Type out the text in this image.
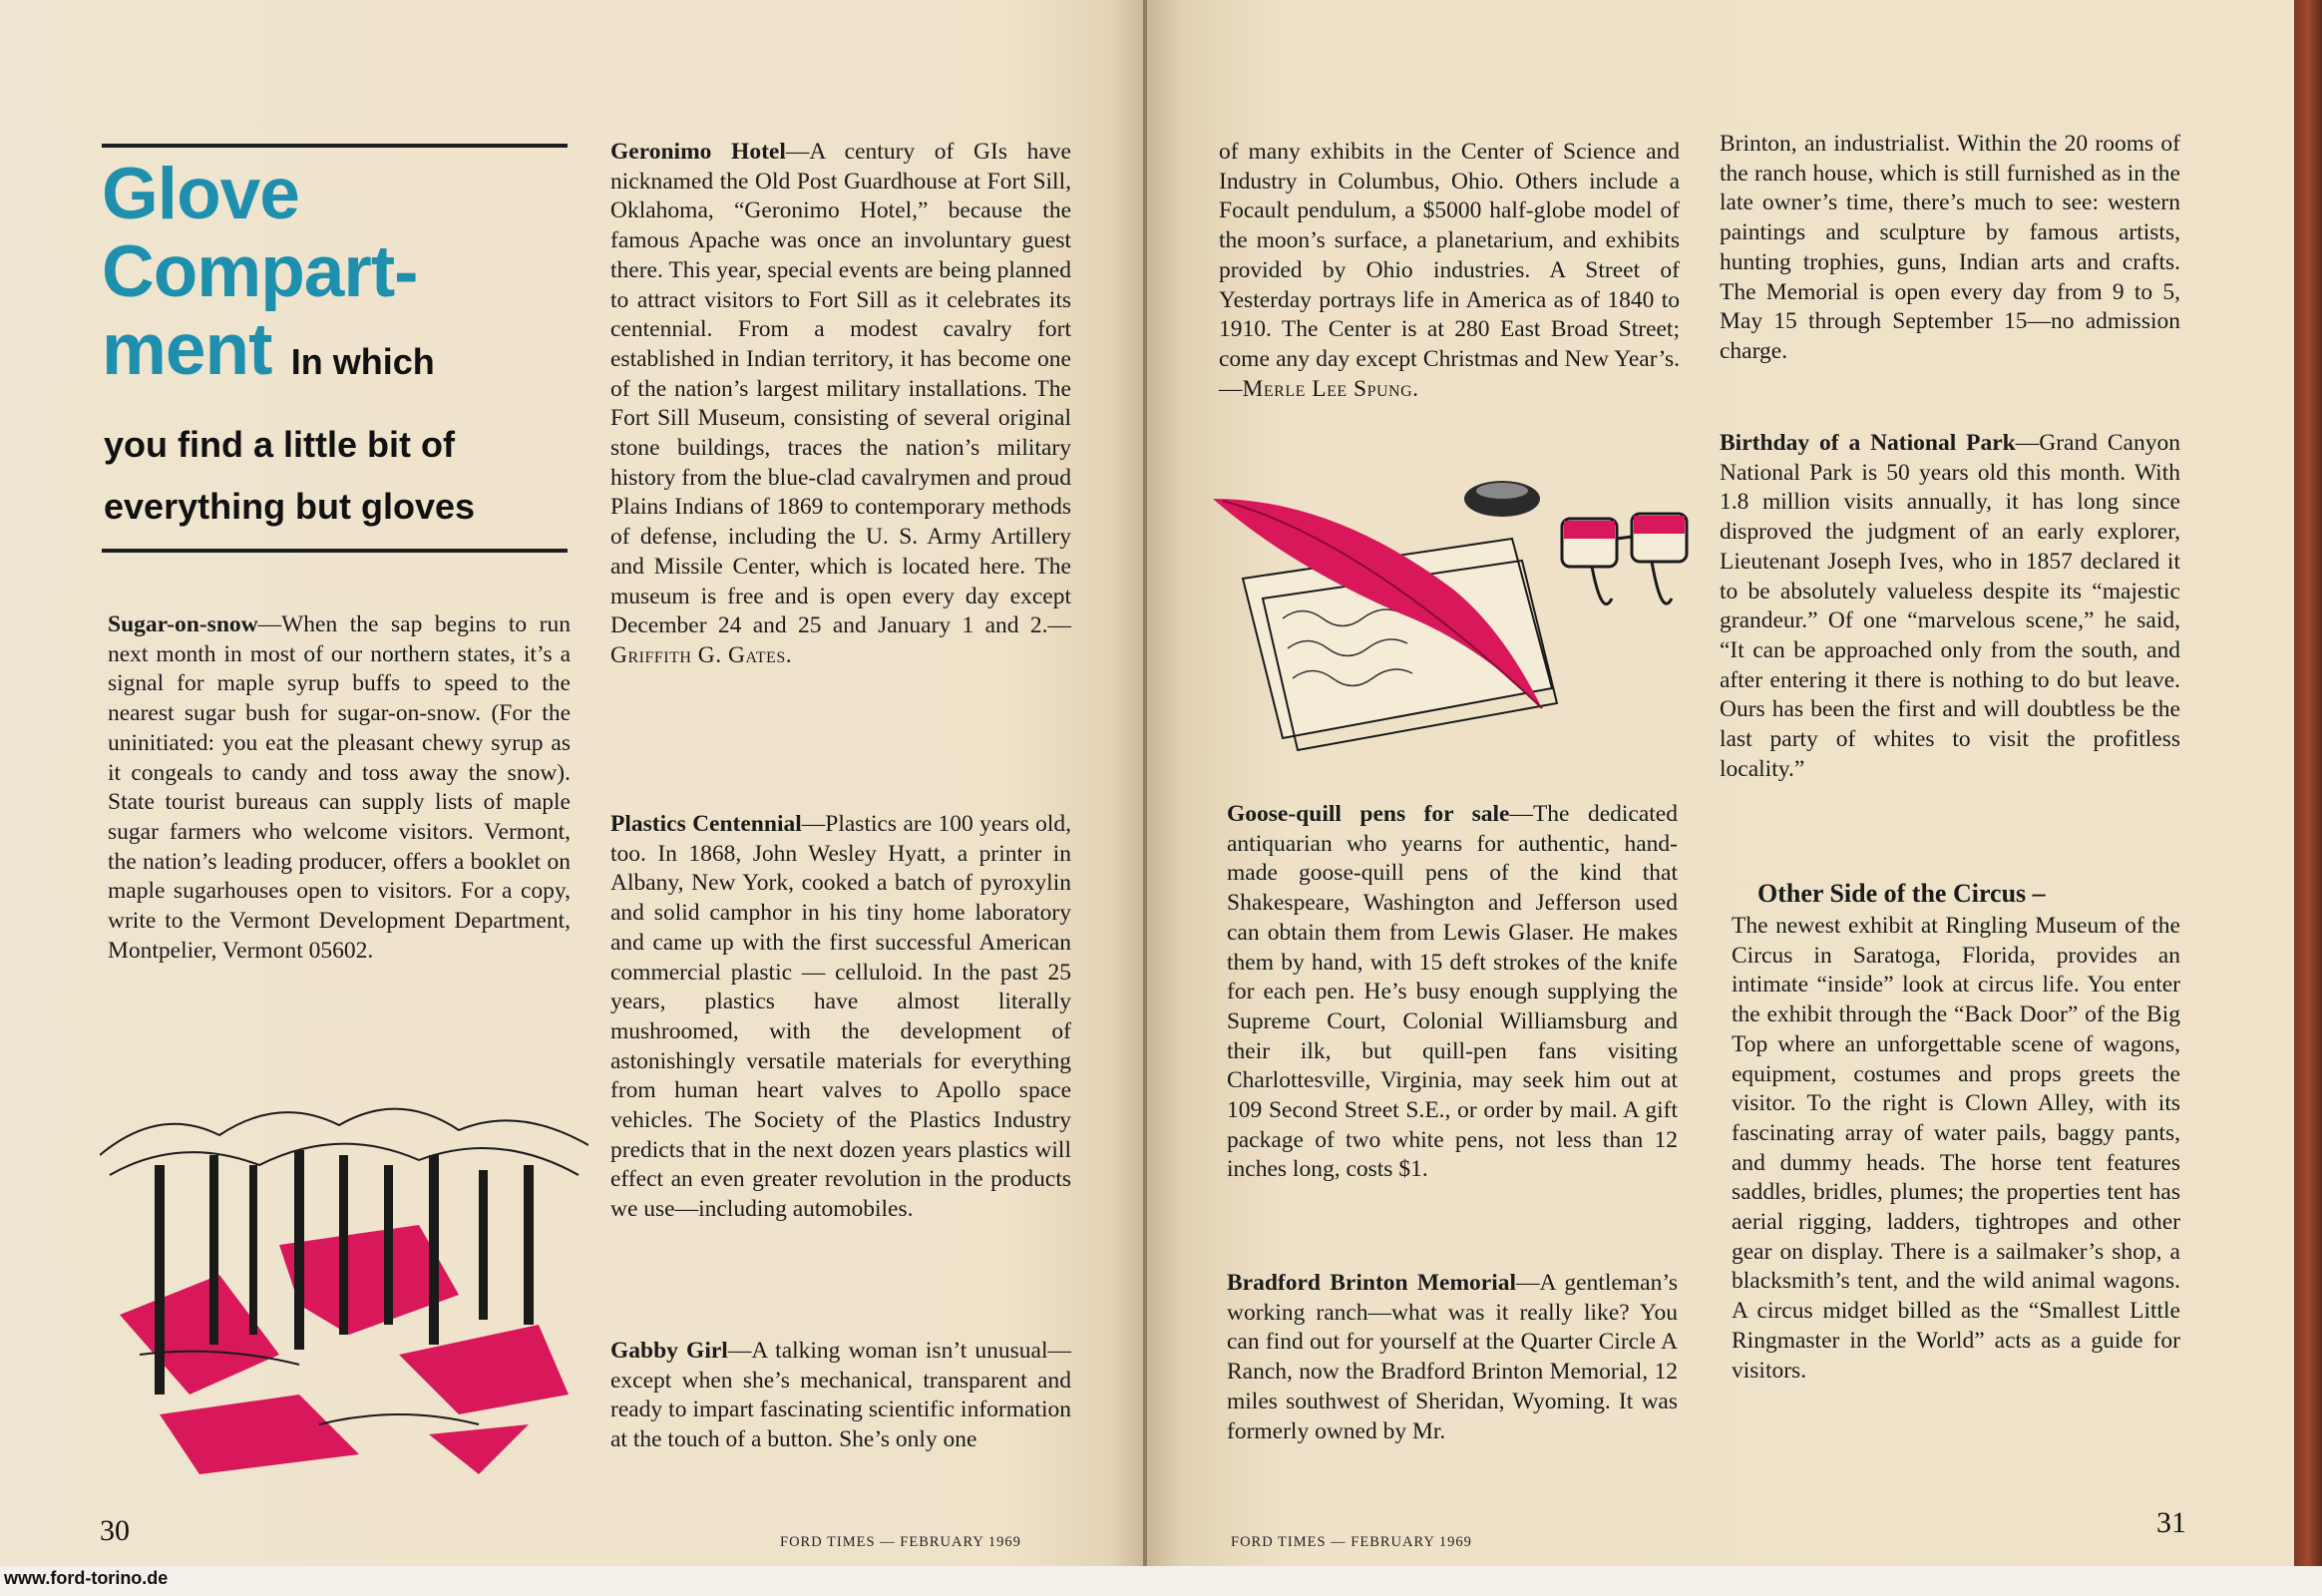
Glove
Compart-
ment In which

you find a little bit of

everything but gloves

Sugar-on-snow—When the sap begins to run next month in most of our northern states, it’s a signal for maple syrup buffs to speed to the nearest sugar bush for sugar-on-snow. (For the uninitiated: you eat the pleasant chewy syrup as it congeals to candy and toss away the snow). State tourist bureaus can supply lists of maple sugar farmers who welcome visitors. Vermont, the nation’s leading producer, offers a booklet on maple sugarhouses open to visitors. For a copy, write to the Vermont Development Department, Montpelier, Vermont 05602.

Geronimo Hotel—A century of GIs have nicknamed the Old Post Guardhouse at Fort Sill, Oklahoma, “Geronimo Hotel,” because the famous Apache was once an involuntary guest there. This year, special events are being planned to attract visitors to Fort Sill as it celebrates its centennial. From a modest cavalry fort established in Indian territory, it has become one of the nation’s largest military installations. The Fort Sill Museum, consisting of several original stone buildings, traces the nation’s military history from the blue-clad cavalrymen and proud Plains Indians of 1869 to contemporary methods of defense, including the U. S. Army Artillery and Missile Center, which is located here. The museum is free and is open every day except December 24 and 25 and January 1 and 2.—Griffith G. Gates.

Plastics Centennial—Plastics are 100 years old, too. In 1868, John Wesley Hyatt, a printer in Albany, New York, cooked a batch of pyroxylin and solid camphor in his tiny home laboratory and came up with the first successful American commercial plastic — celluloid. In the past 25 years, plastics have almost literally mushroomed, with the development of astonishingly versatile materials for everything from human heart valves to Apollo space vehicles. The Society of the Plastics Industry predicts that in the next dozen years plastics will effect an even greater revolution in the products we use—including automobiles.

Gabby Girl—A talking woman isn’t unusual—except when she’s mechanical, transparent and ready to impart fascinating scientific information at the touch of a button. She’s only one

30	FORD TIMES — FEBRUARY 1969

of many exhibits in the Center of Science and Industry in Columbus, Ohio. Others include a Focault pendulum, a $5000 half-globe model of the moon’s surface, a planetarium, and exhibits provided by Ohio industries. A Street of Yesterday portrays life in America as of 1840 to 1910. The Center is at 280 East Broad Street; come any day except Christmas and New Year’s.—Merle Lee Spung.

Goose-quill pens for sale—The dedicated antiquarian who yearns for authentic, hand-made goose-quill pens of the kind that Shakespeare, Washington and Jefferson used can obtain them from Lewis Glaser. He makes them by hand, with 15 deft strokes of the knife for each pen. He’s busy enough supplying the Supreme Court, Colonial Williamsburg and their ilk, but quill-pen fans visiting Charlottesville, Virginia, may seek him out at 109 Second Street S.E., or order by mail. A gift package of two white pens, not less than 12 inches long, costs $1.

Bradford Brinton Memorial—A gentleman’s working ranch—what was it really like? You can find out for yourself at the Quarter Circle A Ranch, now the Bradford Brinton Memorial, 12 miles southwest of Sheridan, Wyoming. It was formerly owned by Mr.

Brinton, an industrialist. Within the 20 rooms of the ranch house, which is still furnished as in the late owner’s time, there’s much to see: western paintings and sculpture by famous artists, hunting trophies, guns, Indian arts and crafts. The Memorial is open every day from 9 to 5, May 15 through September 15—no admission charge.

Birthday of a National Park—Grand Canyon National Park is 50 years old this month. With 1.8 million visits annually, it has long since disproved the judgment of an early explorer, Lieutenant Joseph Ives, who in 1857 declared it to be absolutely valueless despite its “majestic grandeur.” Of one “marvelous scene,” he said, “It can be approached only from the south, and after entering it there is nothing to do but leave. Ours has been the first and will doubtless be the last party of whites to visit the profitless locality.”

Other Side of the Circus –

The newest exhibit at Ringling Museum of the Circus in Saratoga, Florida, provides an intimate “inside” look at circus life. You enter the exhibit through the “Back Door” of the Big Top where an unforgettable scene of wagons, equipment, costumes and props greets the visitor. To the right is Clown Alley, with its fascinating array of water pails, baggy pants, and dummy heads. The horse tent features saddles, bridles, plumes; the properties tent has aerial rigging, ladders, tightropes and other gear on display. There is a sailmaker’s shop, a blacksmith’s tent, and the wild animal wagons. A circus midget billed as the “Smallest Little Ringmaster in the World” acts as a guide for visitors.

FORD TIMES — FEBRUARY 1969
31
www.ford-torino.de
